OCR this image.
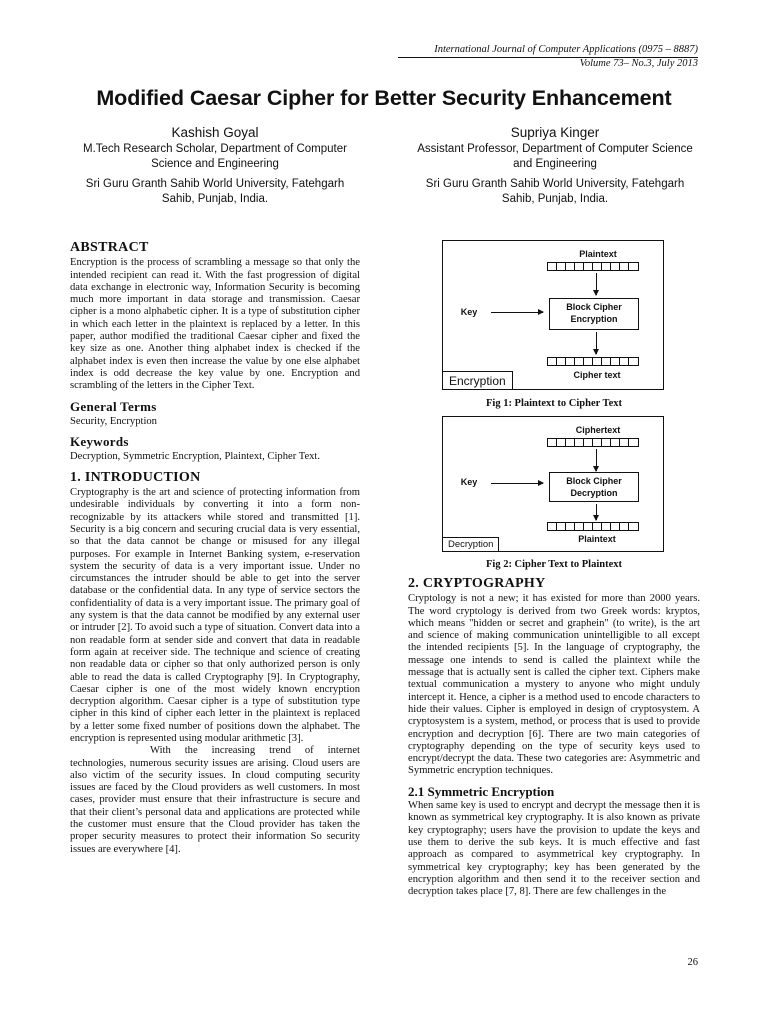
International Journal of Computer Applications (0975 – 8887)
Volume 73– No.3, July 2013
Modified Caesar Cipher for Better Security Enhancement
Kashish Goyal
M.Tech Research Scholar, Department of Computer Science and Engineering
Sri Guru Granth Sahib World University, Fatehgarh Sahib, Punjab, India.
Supriya Kinger
Assistant Professor, Department of Computer Science and Engineering
Sri Guru Granth Sahib World University, Fatehgarh Sahib, Punjab, India.
ABSTRACT

Encryption is the process of scrambling a message so that only the intended recipient can read it. With the fast progression of digital data exchange in electronic way, Information Security is becoming much more important in data storage and transmission. Caesar cipher is a mono alphabetic cipher. It is a type of substitution cipher in which each letter in the plaintext is replaced by a letter. In this paper, author modified the traditional Caesar cipher and fixed the key size as one. Another thing alphabet index is checked if the alphabet index is even then increase the value by one else alphabet index is odd decrease the key value by one. Encryption and scrambling of the letters in the Cipher Text.

General Terms

Security, Encryption

Keywords

Decryption, Symmetric Encryption, Plaintext, Cipher Text.

1. INTRODUCTION

Cryptography is the art and science of protecting information from undesirable individuals by converting it into a form non-recognizable by its attackers while stored and transmitted [1]. Security is a big concern and securing crucial data is very essential, so that the data cannot be change or misused for any illegal purposes. For example in Internet Banking system, e-reservation system the security of data is a very important issue. Under no circumstances the intruder should be able to get into the server database or the confidential data. In any type of service sectors the confidentiality of data is a very important issue. The primary goal of any system is that the data cannot be modified by any external user or intruder [2]. To avoid such a type of situation. Convert data into a non readable form at sender side and convert that data in readable form again at receiver side. The technique and science of creating non readable data or cipher so that only authorized person is only able to read the data is called Cryptography [9]. In Cryptography, Caesar cipher is one of the most widely known encryption decryption algorithm. Caesar cipher is a type of substitution type cipher in this kind of cipher each letter in the plaintext is replaced by a letter some fixed number of positions down the alphabet. The encryption is represented using modular arithmetic [3].

With the increasing trend of internet technologies, numerous security issues are arising. Cloud users are also victim of the security issues. In cloud computing security issues are faced by the Cloud providers as well customers. In most cases, provider must ensure that their infrastructure is secure and that their client’s personal data and applications are protected while the customer must ensure that the Cloud provider has taken the proper security measures to protect their information So security issues are everywhere [4].

Plaintext
Key	Block Cipher
Encryption
Cipher text
Encryption
Fig 1: Plaintext to Cipher Text
Ciphertext
Key	Block Cipher
Decryption
Plaintext
Decryption
Fig 2: Cipher Text to Plaintext
2. CRYPTOGRAPHY

Cryptology is not a new; it has existed for more than 2000 years. The word cryptology is derived from two Greek words: kryptos, which means "hidden or secret and graphein" (to write), is the art and science of making communication unintelligible to all except the intended recipients [5]. In the language of cryptography, the message one intends to send is called the plaintext while the message that is actually sent is called the cipher text. Ciphers make textual communication a mystery to anyone who might unduly intercept it. Hence, a cipher is a method used to encode characters to hide their values. Cipher is employed in design of cryptosystem. A cryptosystem is a system, method, or process that is used to provide encryption and decryption [6]. There are two main categories of cryptography depending on the type of security keys used to encrypt/decrypt the data. These two categories are: Asymmetric and Symmetric encryption techniques.

2.1 Symmetric Encryption

When same key is used to encrypt and decrypt the message then it is known as symmetrical key cryptography. It is also known as private key cryptography; users have the provision to update the keys and use them to derive the sub keys. It is much effective and fast approach as compared to asymmetrical key cryptography. In symmetrical key cryptography; key has been generated by the encryption algorithm and then send it to the receiver section and decryption takes place [7, 8]. There are few challenges in the

26
